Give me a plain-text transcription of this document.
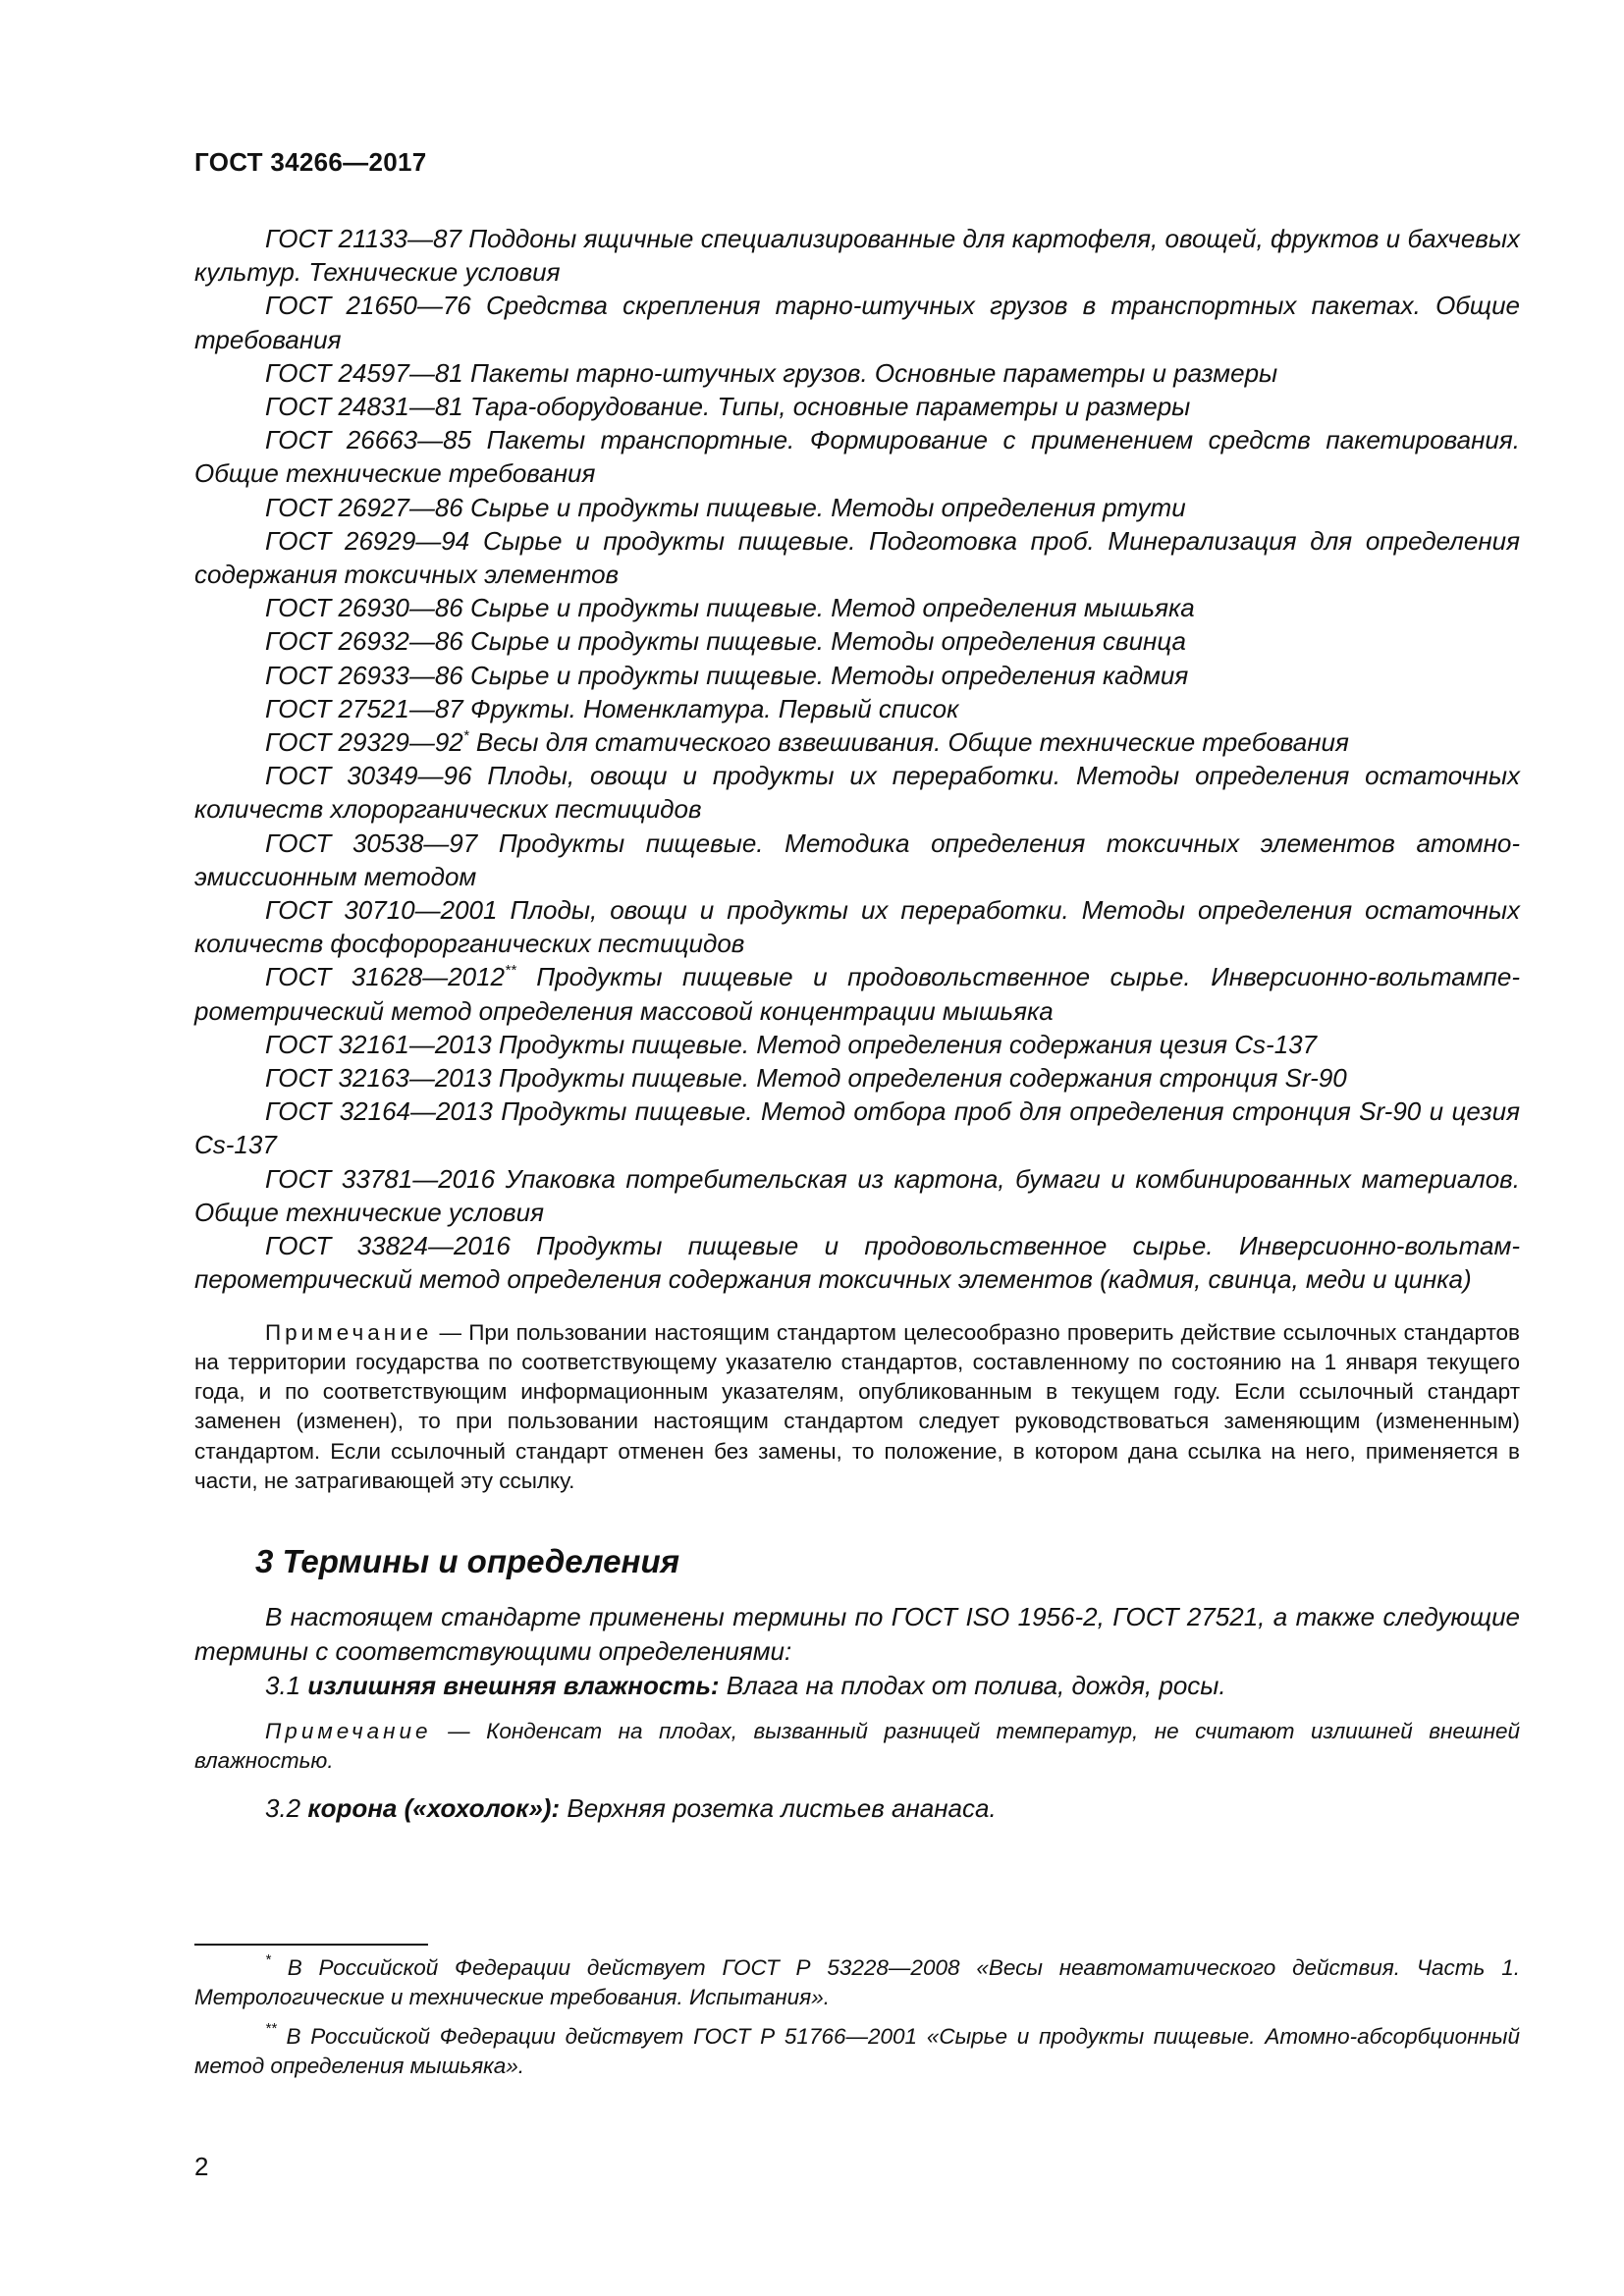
ГОСТ 34266—2017

ГОСТ 21133—87 Поддоны ящичные специализированные для картофеля, овощей, фруктов и бахчевых культур. Технические условия

ГОСТ 21650—76 Средства скрепления тарно-штучных грузов в транспортных пакетах. Общие требования

ГОСТ 24597—81 Пакеты тарно-штучных грузов. Основные параметры и размеры

ГОСТ 24831—81 Тара-оборудование. Типы, основные параметры и размеры

ГОСТ 26663—85 Пакеты транспортные. Формирование с применением средств пакетирования. Общие технические требования

ГОСТ 26927—86 Сырье и продукты пищевые. Методы определения ртути

ГОСТ 26929—94 Сырье и продукты пищевые. Подготовка проб. Минерализация для определения содержания токсичных элементов

ГОСТ 26930—86 Сырье и продукты пищевые. Метод определения мышьяка

ГОСТ 26932—86 Сырье и продукты пищевые. Методы определения свинца

ГОСТ 26933—86 Сырье и продукты пищевые. Методы определения кадмия

ГОСТ 27521—87 Фрукты. Номенклатура. Первый список

ГОСТ 29329—92* Весы для статического взвешивания. Общие технические требования

ГОСТ 30349—96 Плоды, овощи и продукты их переработки. Методы определения остаточных количеств хлорорганических пестицидов

ГОСТ 30538—97 Продукты пищевые. Методика определения токсичных элементов атомно-эмиссионным методом

ГОСТ 30710—2001 Плоды, овощи и продукты их переработки. Методы определения остаточных количеств фосфорорганических пестицидов

ГОСТ 31628—2012** Продукты пищевые и продовольственное сырье. Инверсионно-вольтамперометрический метод определения массовой концентрации мышьяка

ГОСТ 32161—2013 Продукты пищевые. Метод определения содержания цезия Cs-137

ГОСТ 32163—2013 Продукты пищевые. Метод определения содержания стронция Sr-90

ГОСТ 32164—2013 Продукты пищевые. Метод отбора проб для определения стронция Sr-90 и цезия Cs-137

ГОСТ 33781—2016 Упаковка потребительская из картона, бумаги и комбинированных материалов. Общие технические условия

ГОСТ 33824—2016 Продукты пищевые и продовольственное сырье. Инверсионно-вольтамперометрический метод определения содержания токсичных элементов (кадмия, свинца, меди и цинка)

Примечание — При пользовании настоящим стандартом целесообразно проверить действие ссылочных стандартов на территории государства по соответствующему указателю стандартов, составленному по состоянию на 1 января текущего года, и по соответствующим информационным указателям, опубликованным в текущем году. Если ссылочный стандарт заменен (изменен), то при пользовании настоящим стандартом следует руководствоваться заменяющим (измененным) стандартом. Если ссылочный стандарт отменен без замены, то положение, в котором дана ссылка на него, применяется в части, не затрагивающей эту ссылку.

3 Термины и определения

В настоящем стандарте применены термины по ГОСТ ISO 1956-2, ГОСТ 27521, а также следующие термины с соответствующими определениями:

3.1 излишняя внешняя влажность: Влага на плодах от полива, дождя, росы.

Примечание — Конденсат на плодах, вызванный разницей температур, не считают излишней внешней влажностью.

3.2 корона («хохолок»): Верхняя розетка листьев ананаса.

* В Российской Федерации действует ГОСТ Р 53228—2008 «Весы неавтоматического действия. Часть 1. Метрологические и технические требования. Испытания».

** В Российской Федерации действует ГОСТ Р 51766—2001 «Сырье и продукты пищевые. Атомно-абсорбционный метод определения мышьяка».

2
